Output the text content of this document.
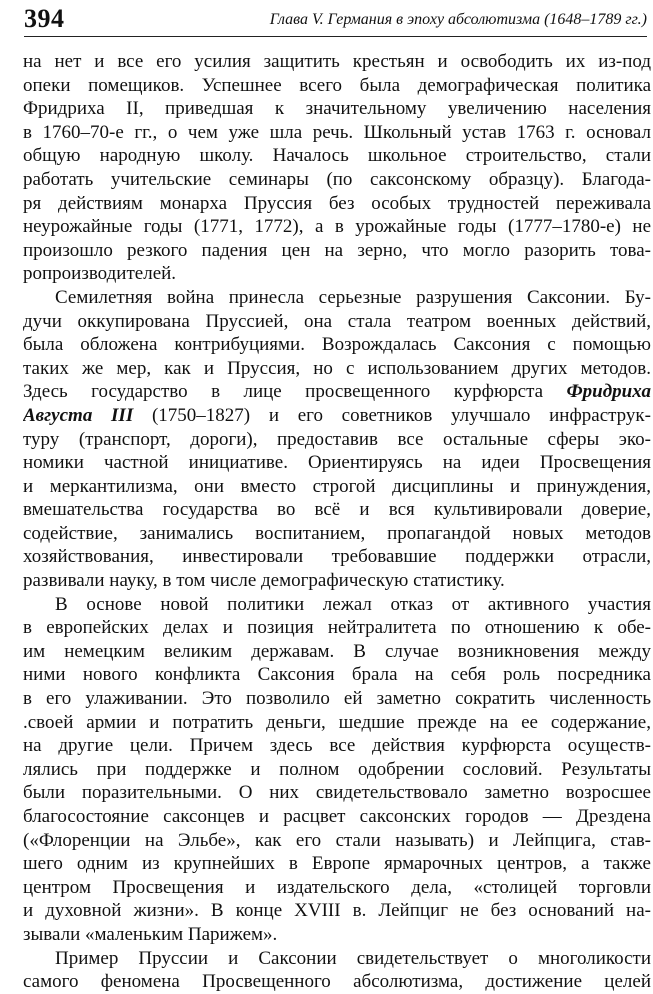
394	Глава V. Германия в эпоху абсолютизма (1648–1789 гг.)
на нет и все его усилия защитить крестьян и освободить их из-под
опеки помещиков. Успешнее всего была демографическая политика
Фридриха II, приведшая к значительному увеличению населения
в 1760–70-е гг., о чем уже шла речь. Школьный устав 1763 г. основал
общую народную школу. Началось школьное строительство, стали
работать учительские семинары (по саксонскому образцу). Благода-
ря действиям монарха Пруссия без особых трудностей переживала
неурожайные годы (1771, 1772), а в урожайные годы (1777–1780-е) не
произошло резкого падения цен на зерно, что могло разорить това-
ропроизводителей.
Семилетняя война принесла серьезные разрушения Саксонии. Бу-
дучи оккупирована Пруссией, она стала театром военных действий,
была обложена контрибуциями. Возрождалась Саксония с помощью
таких же мер, как и Пруссия, но с использованием других методов.
Здесь государство в лице просвещенного курфюрста Фридриха
Августа III (1750–1827) и его советников улучшало инфраструк-
туру (транспорт, дороги), предоставив все остальные сферы эко-
номики частной инициативе. Ориентируясь на идеи Просвещения
и меркантилизма, они вместо строгой дисциплины и принуждения,
вмешательства государства во всё и вся культивировали доверие,
содействие, занимались воспитанием, пропагандой новых методов
хозяйствования, инвестировали требовавшие поддержки отрасли,
развивали науку, в том числе демографическую статистику.
В основе новой политики лежал отказ от активного участия
в европейских делах и позиция нейтралитета по отношению к обе-
им немецким великим державам. В случае возникновения между
ними нового конфликта Саксония брала на себя роль посредника
в его улаживании. Это позволило ей заметно сократить численность
.своей армии и потратить деньги, шедшие прежде на ее содержание,
на другие цели. Причем здесь все действия курфюрста осуществ-
лялись при поддержке и полном одобрении сословий. Результаты
были поразительными. О них свидетельствовало заметно возросшее
благосостояние саксонцев и расцвет саксонских городов — Дрездена
(«Флоренции на Эльбе», как его стали называть) и Лейпцига, став-
шего одним из крупнейших в Европе ярмарочных центров, а также
центром Просвещения и издательского дела, «столицей торговли
и духовной жизни». В конце XVIII в. Лейпциг не без оснований на-
зывали «маленьким Парижем».
Пример Пруссии и Саксонии свидетельствует о многоликости
самого феномена Просвещенного абсолютизма, достижение целей
